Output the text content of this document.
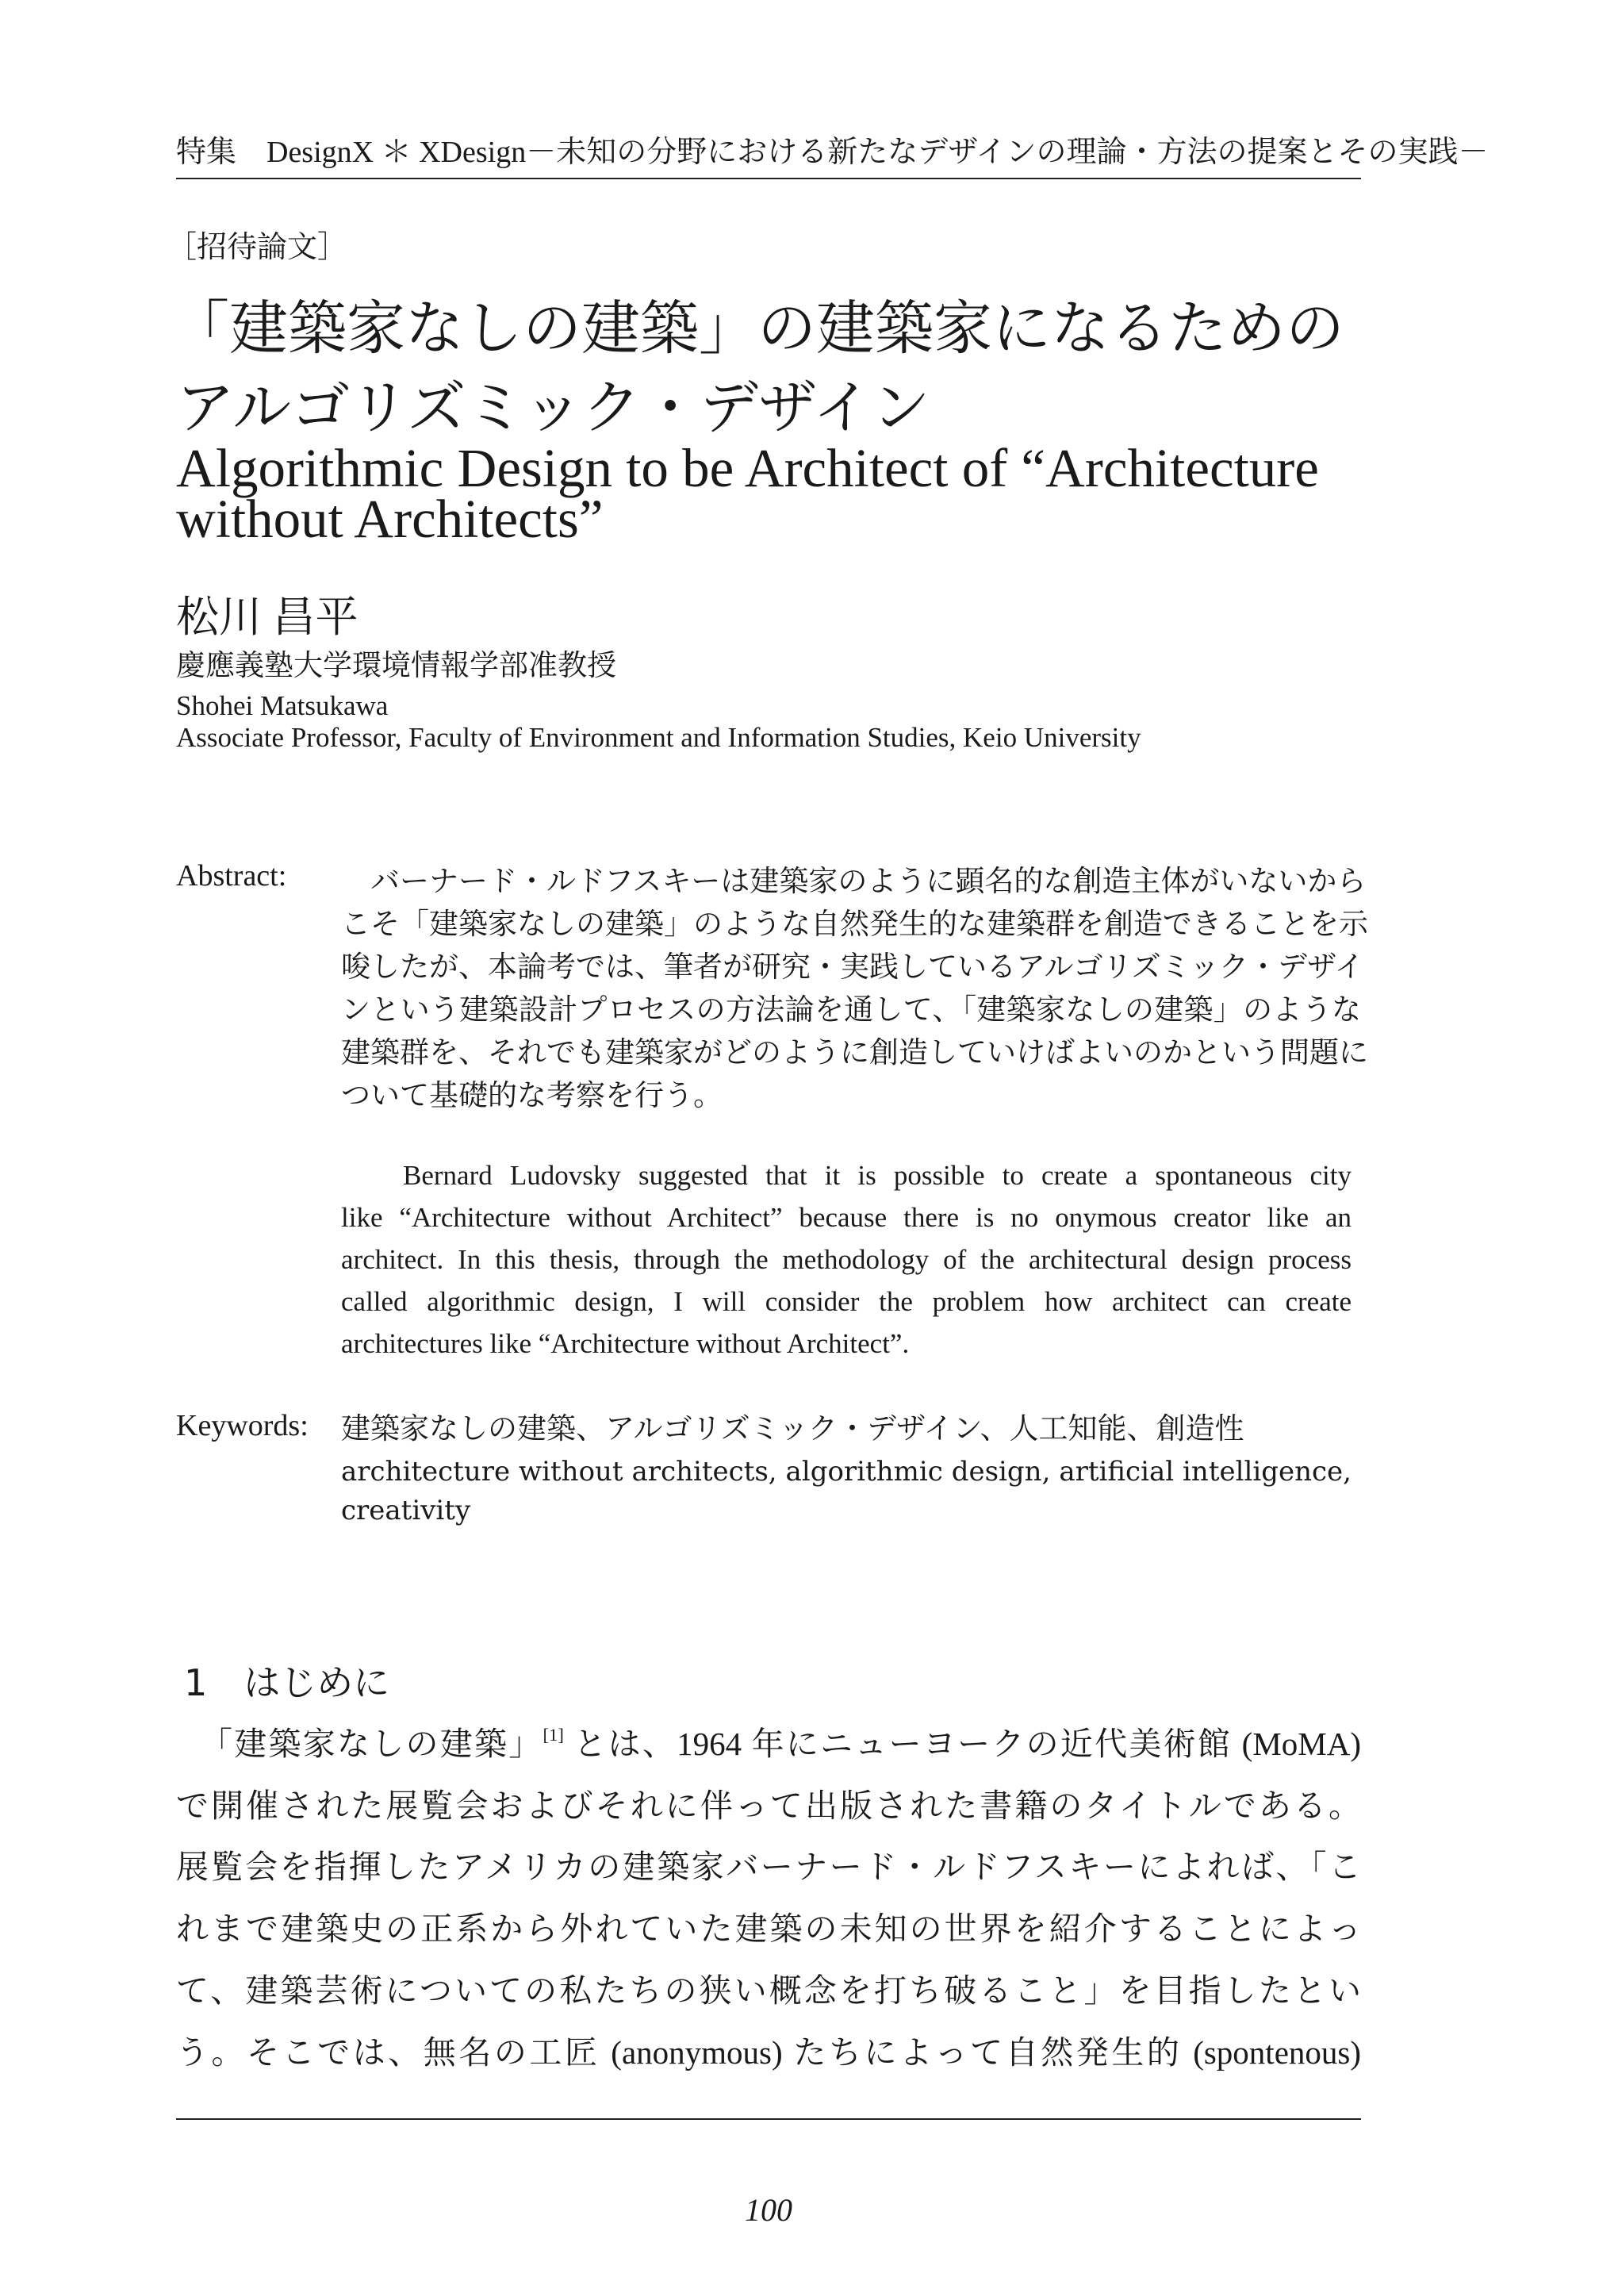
特集　DesignX ＊ XDesign－未知の分野における新たなデザインの理論・方法の提案とその実践－
［招待論文］
「建築家なしの建築」の建築家になるための
アルゴリズミック・デザイン
Algorithmic Design to be Architect of “Architecture
without Architects”
松川 昌平
慶應義塾大学環境情報学部准教授
Shohei Matsukawa
Associate Professor, Faculty of Environment and Information Studies, Keio University
Abstract: 　バーナード・ルドフスキーは建築家のように顕名的な創造主体がいないから
こそ「建築家なしの建築」のような自然発生的な建築群を創造できることを示
唆したが、本論考では、筆者が研究・実践しているアルゴリズミック・デザイ
ンという建築設計プロセスの方法論を通して、「建築家なしの建築」のような
建築群を、それでも建築家がどのように創造していけばよいのかという問題に
ついて基礎的な考察を行う。
Bernard Ludovsky suggested that it is possible to create a spontaneous city
like “Architecture without Architect” because there is no onymous creator like an
architect. In this thesis, through the methodology of the architectural design process
called algorithmic design, I will consider the problem how architect can create
architectures like “Architecture without Architect”.
Keywords: 建築家なしの建築、アルゴリズミック・デザイン、人工知能、創造性
architecture without architects, algorithmic design, artificial intelligence,
creativity
1　はじめに
「建築家なしの建築」[1] とは、1964 年にニューヨークの近代美術館 (MoMA)
で開催された展覧会およびそれに伴って出版された書籍のタイトルである。
展覧会を指揮したアメリカの建築家バーナード・ルドフスキーによれば、「こ
れまで建築史の正系から外れていた建築の未知の世界を紹介することによっ
て、建築芸術についての私たちの狭い概念を打ち破ること」を目指したとい
う。そこでは、無名の工匠 (anonymous) たちによって自然発生的 (spontenous)
100
